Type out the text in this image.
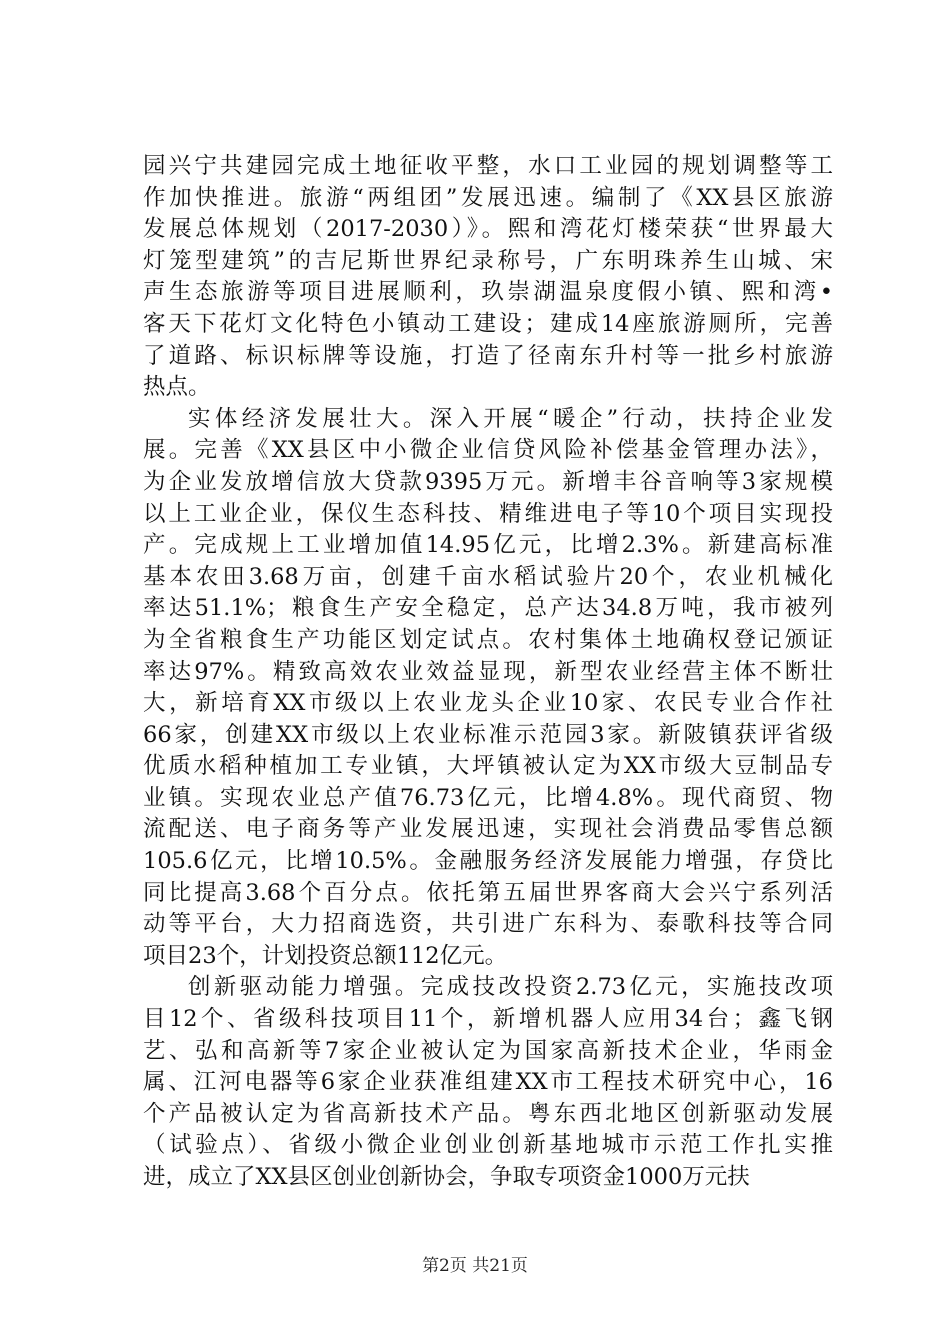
园兴宁共建园完成土地征收平整，水口工业园的规划调整等工
作加快推进。旅游“两组团”发展迅速。编制了《XX县区旅游
发展总体规划（2017-2030）》。熙和湾花灯楼荣获“世界最大
灯笼型建筑”的吉尼斯世界纪录称号，广东明珠养生山城、宋
声生态旅游等项目进展顺利，玖崇湖温泉度假小镇、熙和湾•
客天下花灯文化特色小镇动工建设；建成14座旅游厕所，完善
了道路、标识标牌等设施，打造了径南东升村等一批乡村旅游
热点。
实体经济发展壮大。深入开展“暖企”行动，扶持企业发
展。完善《XX县区中小微企业信贷风险补偿基金管理办法》，
为企业发放增信放大贷款9395万元。新增丰谷音响等3家规模
以上工业企业，保仪生态科技、精维进电子等10个项目实现投
产。完成规上工业增加值14.95亿元，比增2.3%。新建高标准
基本农田3.68万亩，创建千亩水稻试验片20个，农业机械化
率达51.1%；粮食生产安全稳定，总产达34.8万吨，我市被列
为全省粮食生产功能区划定试点。农村集体土地确权登记颁证
率达97%。精致高效农业效益显现，新型农业经营主体不断壮
大，新培育XX市级以上农业龙头企业10家、农民专业合作社
66家，创建XX市级以上农业标准示范园3家。新陂镇获评省级
优质水稻种植加工专业镇，大坪镇被认定为XX市级大豆制品专
业镇。实现农业总产值76.73亿元，比增4.8%。现代商贸、物
流配送、电子商务等产业发展迅速，实现社会消费品零售总额
105.6亿元，比增10.5%。金融服务经济发展能力增强，存贷比
同比提高3.68个百分点。依托第五届世界客商大会兴宁系列活
动等平台，大力招商选资，共引进广东科为、泰歌科技等合同
项目23个，计划投资总额112亿元。
创新驱动能力增强。完成技改投资2.73亿元，实施技改项
目12个、省级科技项目11个，新增机器人应用34台；鑫飞钢
艺、弘和高新等7家企业被认定为国家高新技术企业，华雨金
属、江河电器等6家企业获准组建XX市工程技术研究中心，16
个产品被认定为省高新技术产品。粤东西北地区创新驱动发展
（试验点）、省级小微企业创业创新基地城市示范工作扎实推
进，成立了XX县区创业创新协会，争取专项资金1000万元扶
第2页 共21页
